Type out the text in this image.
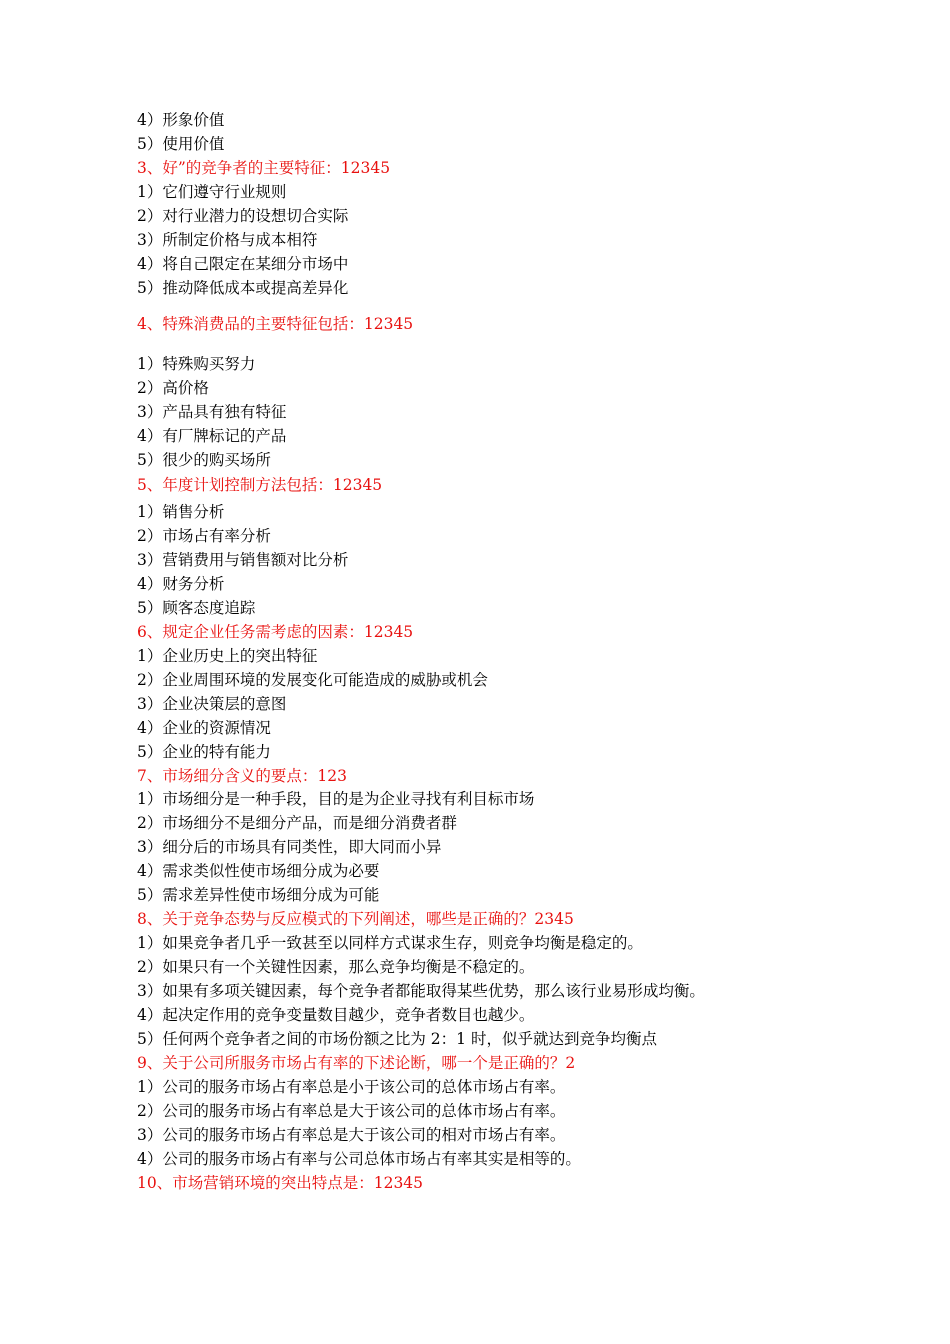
4）形象价值
5）使用价值
3、好”的竞争者的主要特征：12345
1）它们遵守行业规则
2）对行业潜力的设想切合实际
3）所制定价格与成本相符
4）将自己限定在某细分市场中
5）推动降低成本或提高差异化
4、特殊消费品的主要特征包括：12345
1）特殊购买努力
2）高价格
3）产品具有独有特征
4）有厂牌标记的产品
5）很少的购买场所
5、年度计划控制方法包括：12345
1）销售分析
2）市场占有率分析
3）营销费用与销售额对比分析
4）财务分析
5）顾客态度追踪
6、规定企业任务需考虑的因素：12345
1）企业历史上的突出特征
2）企业周围环境的发展变化可能造成的威胁或机会
3）企业决策层的意图
4）企业的资源情况
5）企业的特有能力
7、市场细分含义的要点：123
1）市场细分是一种手段，目的是为企业寻找有利目标市场
2）市场细分不是细分产品，而是细分消费者群
3）细分后的市场具有同类性，即大同而小异
4）需求类似性使市场细分成为必要
5）需求差异性使市场细分成为可能
8、关于竞争态势与反应模式的下列阐述，哪些是正确的？2345
1）如果竞争者几乎一致甚至以同样方式谋求生存，则竞争均衡是稳定的。
2）如果只有一个关键性因素，那么竞争均衡是不稳定的。
3）如果有多项关键因素，每个竞争者都能取得某些优势，那么该行业易形成均衡。
4）起决定作用的竞争变量数目越少，竞争者数目也越少。
5）任何两个竞争者之间的市场份额之比为 2：1 时，似乎就达到竞争均衡点
9、关于公司所服务市场占有率的下述论断，哪一个是正确的？2
1）公司的服务市场占有率总是小于该公司的总体市场占有率。
2）公司的服务市场占有率总是大于该公司的总体市场占有率。
3）公司的服务市场占有率总是大于该公司的相对市场占有率。
4）公司的服务市场占有率与公司总体市场占有率其实是相等的。
10、市场营销环境的突出特点是：12345
